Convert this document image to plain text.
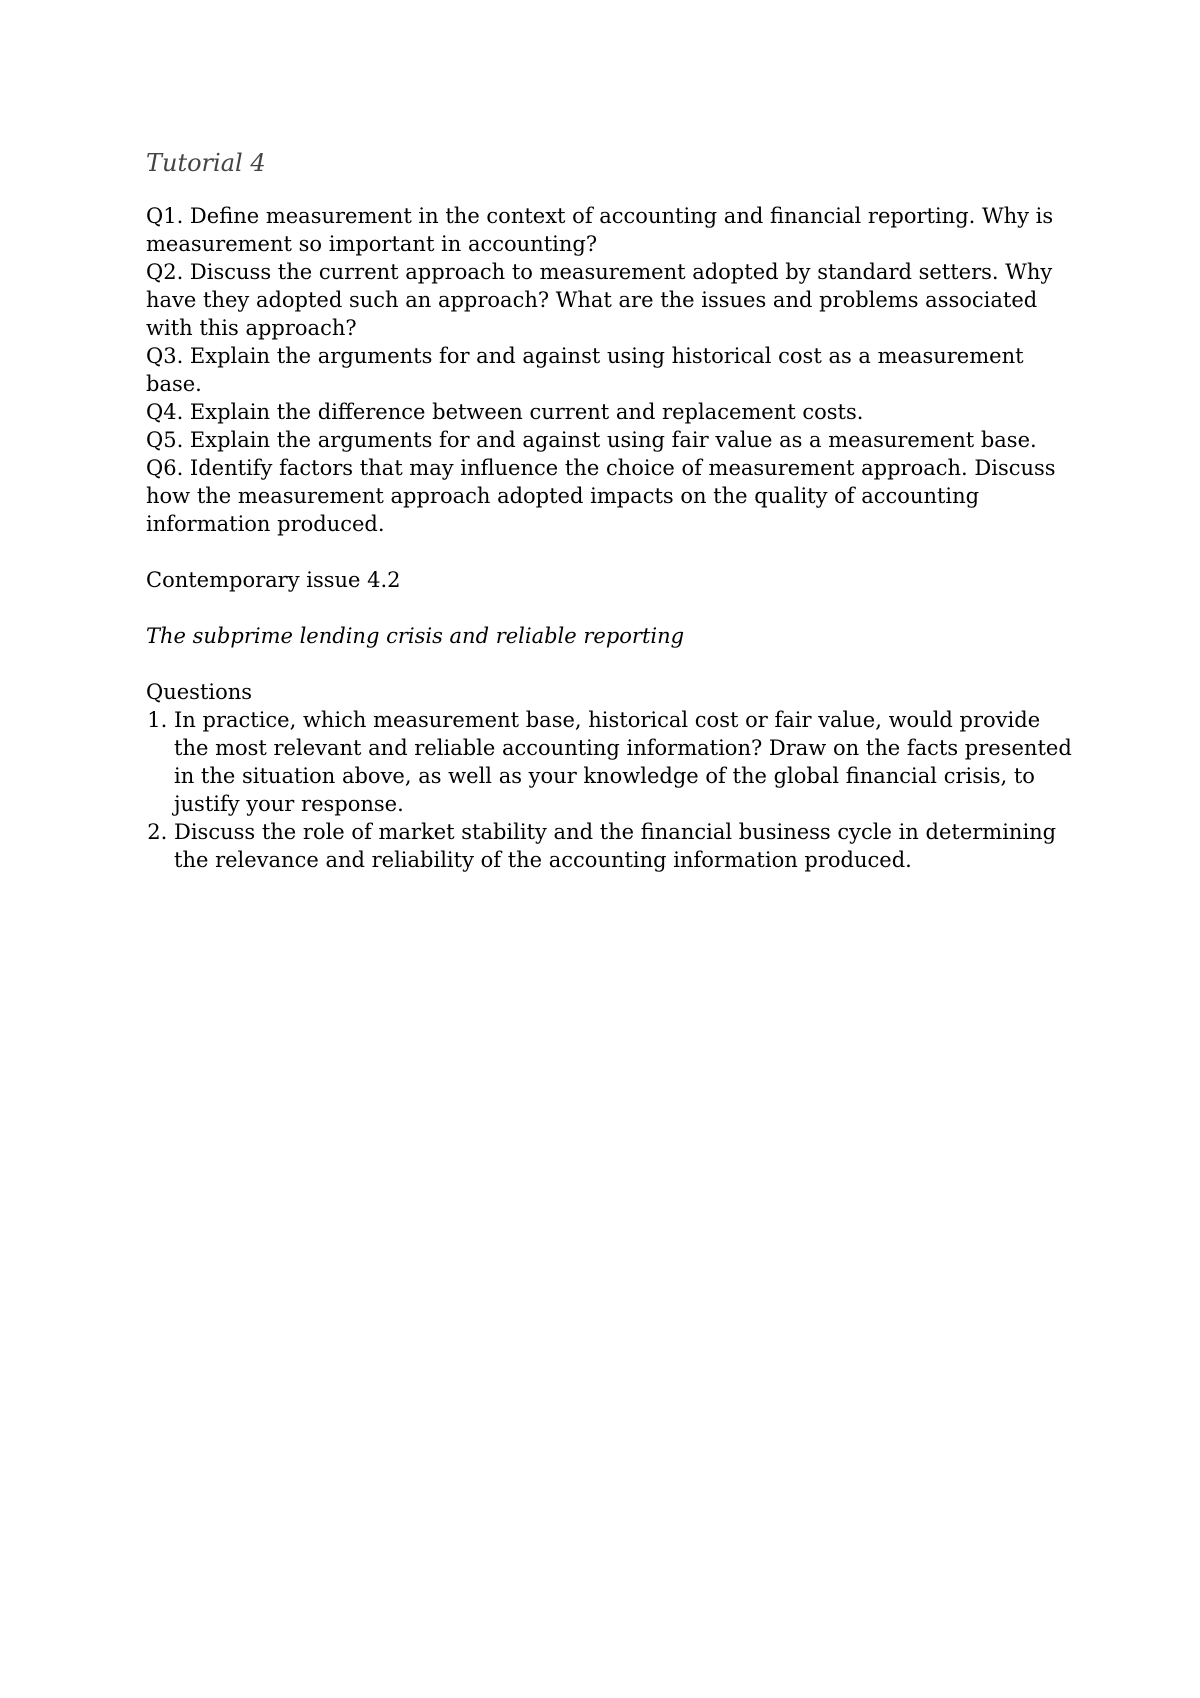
Tutorial 4

Q1. Define measurement in the context of accounting and financial reporting. Why is measurement so important in accounting?

Q2. Discuss the current approach to measurement adopted by standard setters. Why have they adopted such an approach? What are the issues and problems associated with this approach?

Q3. Explain the arguments for and against using historical cost as a measurement base.

Q4. Explain the difference between current and replacement costs.

Q5. Explain the arguments for and against using fair value as a measurement base.

Q6. Identify factors that may influence the choice of measurement approach. Discuss how the measurement approach adopted impacts on the quality of accounting information produced.

Contemporary issue 4.2

The subprime lending crisis and reliable reporting

Questions

1. In practice, which measurement base, historical cost or fair value, would provide the most relevant and reliable accounting information? Draw on the facts presented in the situation above, as well as your knowledge of the global financial crisis, to justify your response.
2. Discuss the role of market stability and the financial business cycle in determining the relevance and reliability of the accounting information produced.
